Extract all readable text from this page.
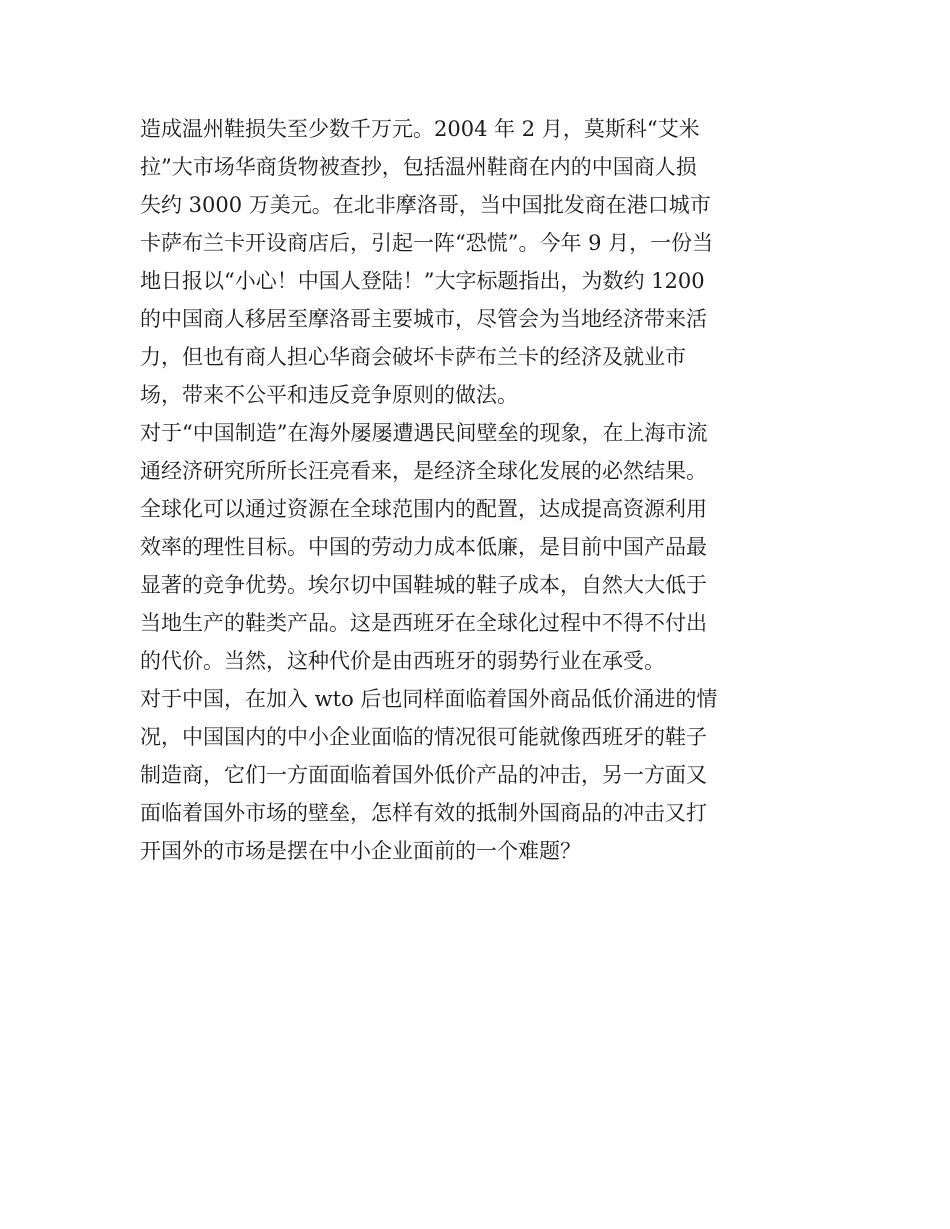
造成温州鞋损失至少数千万元。2004 年 2 月，莫斯科“艾米
拉”大市场华商货物被查抄，包括温州鞋商在内的中国商人损
失约 3000 万美元。在北非摩洛哥，当中国批发商在港口城市
卡萨布兰卡开设商店后，引起一阵“恐慌”。今年 9 月，一份当
地日报以“小心！中国人登陆！”大字标题指出，为数约 1200
的中国商人移居至摩洛哥主要城市，尽管会为当地经济带来活
力，但也有商人担心华商会破坏卡萨布兰卡的经济及就业市
场，带来不公平和违反竞争原则的做法。
对于“中国制造”在海外屡屡遭遇民间壁垒的现象，在上海市流
通经济研究所所长汪亮看来，是经济全球化发展的必然结果。
全球化可以通过资源在全球范围内的配置，达成提高资源利用
效率的理性目标。中国的劳动力成本低廉，是目前中国产品最
显著的竞争优势。埃尔切中国鞋城的鞋子成本，自然大大低于
当地生产的鞋类产品。这是西班牙在全球化过程中不得不付出
的代价。当然，这种代价是由西班牙的弱势行业在承受。
对于中国，在加入 wto 后也同样面临着国外商品低价涌进的情
况，中国国内的中小企业面临的情况很可能就像西班牙的鞋子
制造商，它们一方面面临着国外低价产品的冲击，另一方面又
面临着国外市场的壁垒，怎样有效的抵制外国商品的冲击又打
开国外的市场是摆在中小企业面前的一个难题？
